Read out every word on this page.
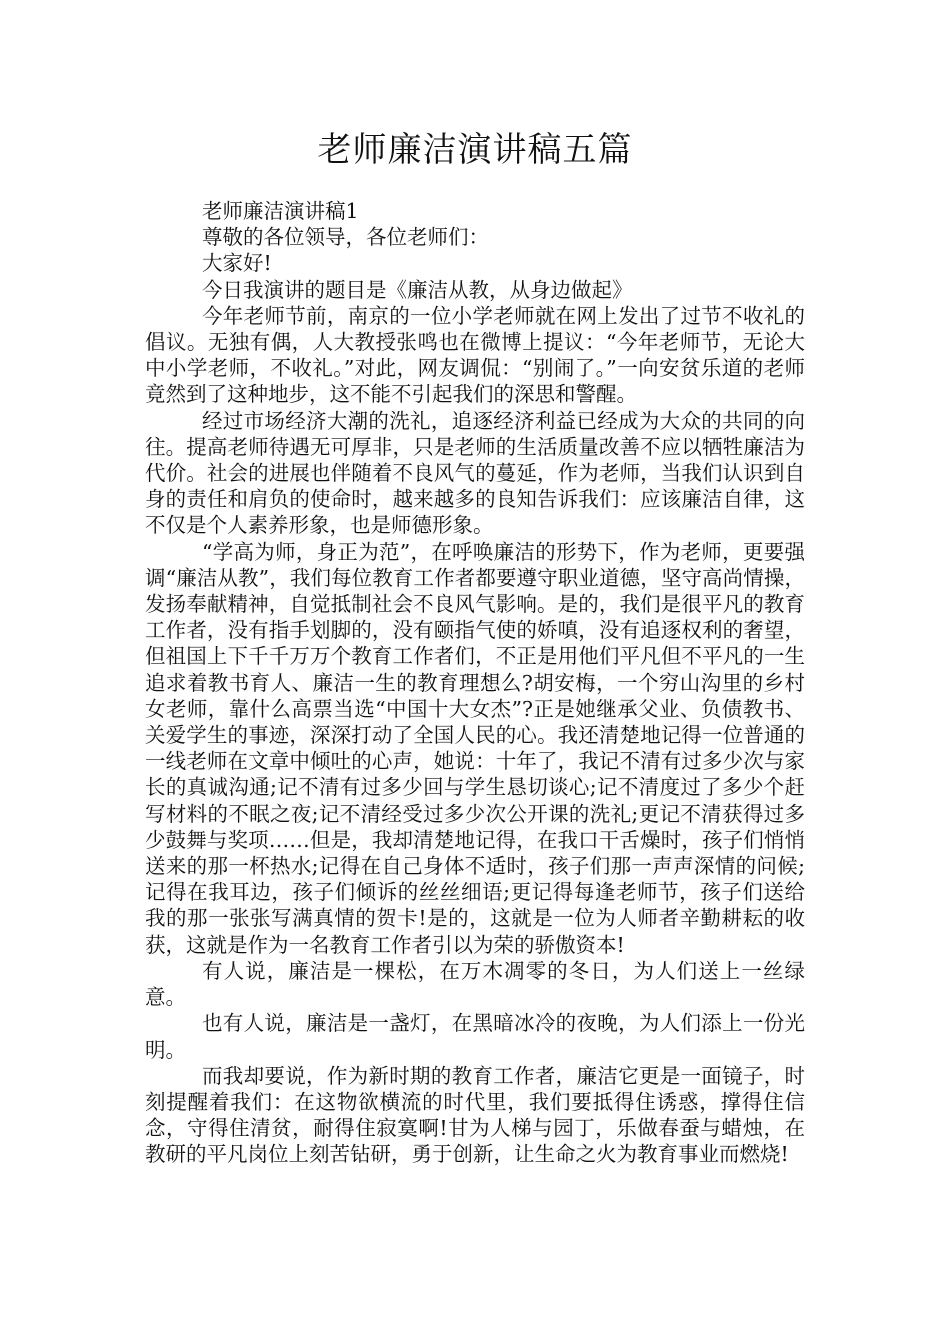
老师廉洁演讲稿五篇

老师廉洁演讲稿1

尊敬的各位领导，各位老师们：

大家好!

今日我演讲的题目是《廉洁从教，从身边做起》

今年老师节前，南京的一位小学老师就在网上发出了过节不收礼的倡议。无独有偶，人大教授张鸣也在微博上提议：“今年老师节，无论大中小学老师，不收礼。”对此，网友调侃：“别闹了。”一向安贫乐道的老师竟然到了这种地步，这不能不引起我们的深思和警醒。

经过市场经济大潮的洗礼，追逐经济利益已经成为大众的共同的向往。提高老师待遇无可厚非，只是老师的生活质量改善不应以牺牲廉洁为代价。社会的进展也伴随着不良风气的蔓延，作为老师，当我们认识到自身的责任和肩负的使命时，越来越多的良知告诉我们：应该廉洁自律，这不仅是个人素养形象，也是师德形象。

“学高为师，身正为范”，在呼唤廉洁的形势下，作为老师，更要强调“廉洁从教”，我们每位教育工作者都要遵守职业道德，坚守高尚情操，发扬奉献精神，自觉抵制社会不良风气影响。是的，我们是很平凡的教育工作者，没有指手划脚的，没有颐指气使的娇嗔，没有追逐权利的奢望，但祖国上下千千万万个教育工作者们，不正是用他们平凡但不平凡的一生追求着教书育人、廉洁一生的教育理想么?胡安梅，一个穷山沟里的乡村女老师，靠什么高票当选“中国十大女杰”?正是她继承父业、负债教书、关爱学生的事迹，深深打动了全国人民的心。我还清楚地记得一位普通的一线老师在文章中倾吐的心声，她说：十年了，我记不清有过多少次与家长的真诚沟通;记不清有过多少回与学生恳切谈心;记不清度过了多少个赶写材料的不眠之夜;记不清经受过多少次公开课的洗礼;更记不清获得过多少鼓舞与奖项……但是，我却清楚地记得，在我口干舌燥时，孩子们悄悄送来的那一杯热水;记得在自己身体不适时，孩子们那一声声深情的问候;记得在我耳边，孩子们倾诉的丝丝细语;更记得每逢老师节，孩子们送给我的那一张张写满真情的贺卡!是的，这就是一位为人师者辛勤耕耘的收获，这就是作为一名教育工作者引以为荣的骄傲资本!

有人说，廉洁是一棵松，在万木凋零的冬日，为人们送上一丝绿意。

也有人说，廉洁是一盏灯，在黑暗冰冷的夜晚，为人们添上一份光明。

而我却要说，作为新时期的教育工作者，廉洁它更是一面镜子，时刻提醒着我们：在这物欲横流的时代里，我们要抵得住诱惑，撑得住信念，守得住清贫，耐得住寂寞啊!甘为人梯与园丁，乐做春蚕与蜡烛，在教研的平凡岗位上刻苦钻研，勇于创新，让生命之火为教育事业而燃烧!
